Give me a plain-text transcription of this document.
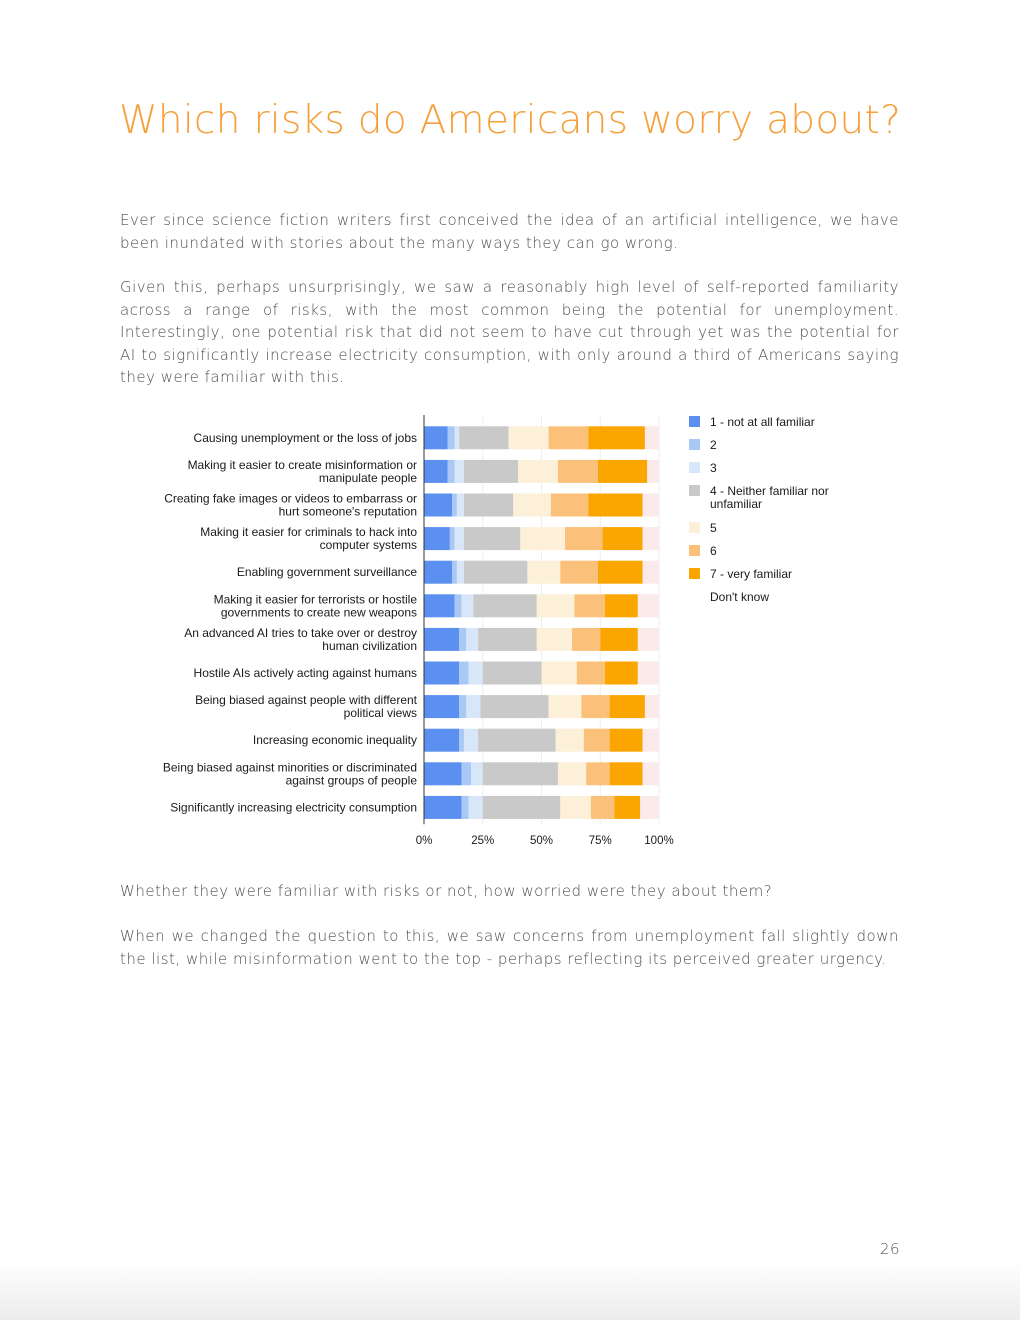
Which risks do Americans worry about?

Ever since science fiction writers first conceived the idea of an artificial intelligence, we have been inundated with stories about the many ways they can go wrong.

Given this, perhaps unsurprisingly, we saw a reasonably high level of self-reported familiarity across a range of risks, with the most common being the potential for unemployment. Interestingly, one potential risk that did not seem to have cut through yet was the potential for AI to significantly increase electricity consumption, with only around a third of Americans saying they were familiar with this.

Causing unemployment or the loss of jobs
Making it easier to create misinformation or manipulate people
Creating fake images or videos to embarrass or hurt someone's reputation
Making it easier for criminals to hack into computer systems
Enabling government surveillance
Making it easier for terrorists or hostile governments to create new weapons
An advanced AI tries to take over or destroy human civilization
Hostile AIs actively acting against humans
Being biased against people with different political views
Increasing economic inequality
Being biased against minorities or discriminated against groups of people
Significantly increasing electricity consumption
0%	25%	50%	75%	100%
1 - not at all familiar
2
3
4 - Neither familiar nor unfamiliar
5
6
7 - very familiar
Don't know

Whether they were familiar with risks or not, how worried were they about them?

When we changed the question to this, we saw concerns from unemployment fall slightly down the list, while misinformation went to the top - perhaps reflecting its perceived greater urgency.

26
